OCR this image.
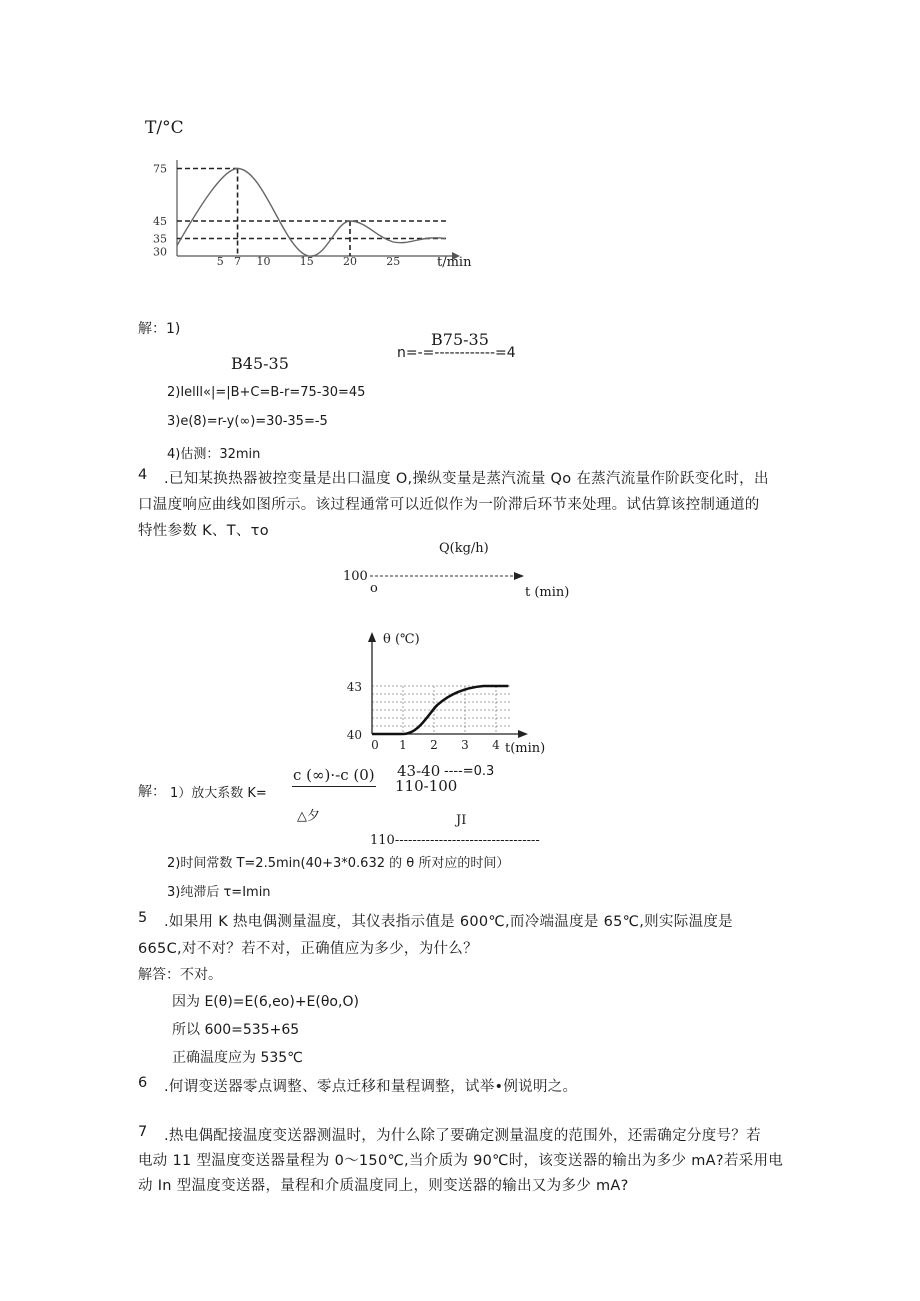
T/°C
5 7 10	15	20	25
30
35
45
75
t/min
解：1)
B75-35
n=-=------------=4
B45-35
2)Ielll«|=|B+C=B-r=75-30=45
3)e(8)=r-y(∞)=30-35=-5
4)估测：32min
4 .已知某换热器被控变量是出口温度 O,操纵变量是蒸汽流量 Qo 在蒸汽流量作阶跃变化时，出
口温度响应曲线如图所示。该过程通常可以近似作为一阶滞后环节来处理。试估算该控制通道的
特性参数 K、T、τo
Q(kg/h)
100
o	t (min)
0 1 2 3 4
40
43
θ (℃)
t(min)
解： 1）放大系数 K=
c (∞)·-c (0)
△夕
43-40 ----=0.3
110-100
JI
110---------------------------------
2)时间常数 T=2.5min(40+3*0.632 的 θ 所对应的时间）
3)纯滞后 τ=Imin
5 .如果用 K 热电偶测量温度，其仪表指示值是 600℃,而冷端温度是 65℃,则实际温度是
665C,对不对？若不对，正确值应为多少，为什么？
解答：不对。
因为 E(θ)=E(6,eo)+E(θo,O)
所以 600=535+65
正确温度应为 535℃
6 .何谓变送器零点调整、零点迁移和量程调整，试举•例说明之。
7 .热电偶配接温度变送器测温时，为什么除了要确定测量温度的范围外，还需确定分度号？若
电动 11 型温度变送器量程为 0〜150℃,当介质为 90℃时，该变送器的输出为多少 mA?若采用电
动 In 型温度变送器，量程和介质温度同上，则变送器的输出又为多少 mA?
